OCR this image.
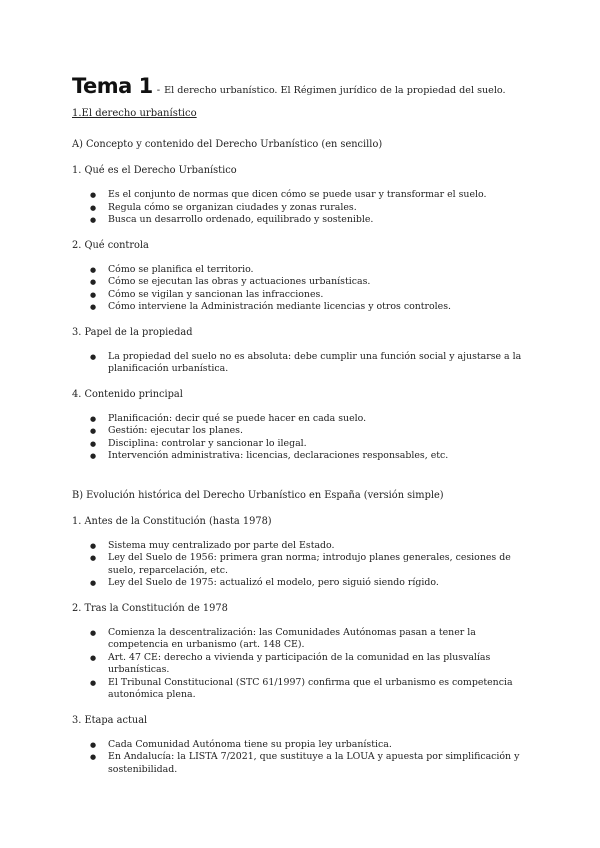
Tema 1 - El derecho urbanístico. El Régimen jurídico de la propiedad del suelo.
1.El derecho urbanístico

A) Concepto y contenido del Derecho Urbanístico (en sencillo)

1. Qué es el Derecho Urbanístico

● Es el conjunto de normas que dicen cómo se puede usar y transformar el suelo.
● Regula cómo se organizan ciudades y zonas rurales.
● Busca un desarrollo ordenado, equilibrado y sostenible.

2. Qué controla

● Cómo se planifica el territorio.
● Cómo se ejecutan las obras y actuaciones urbanísticas.
● Cómo se vigilan y sancionan las infracciones.
● Cómo interviene la Administración mediante licencias y otros controles.

3. Papel de la propiedad

● La propiedad del suelo no es absoluta: debe cumplir una función social y ajustarse a la planificación urbanística.

4. Contenido principal

● Planificación: decir qué se puede hacer en cada suelo.
● Gestión: ejecutar los planes.
● Disciplina: controlar y sancionar lo ilegal.
● Intervención administrativa: licencias, declaraciones responsables, etc.

B) Evolución histórica del Derecho Urbanístico en España (versión simple)

1. Antes de la Constitución (hasta 1978)

● Sistema muy centralizado por parte del Estado.
● Ley del Suelo de 1956: primera gran norma; introdujo planes generales, cesiones de suelo, reparcelación, etc.
● Ley del Suelo de 1975: actualizó el modelo, pero siguió siendo rígido.

2. Tras la Constitución de 1978

● Comienza la descentralización: las Comunidades Autónomas pasan a tener la competencia en urbanismo (art. 148 CE).
● Art. 47 CE: derecho a vivienda y participación de la comunidad en las plusvalías urbanísticas.
● El Tribunal Constitucional (STC 61/1997) confirma que el urbanismo es competencia autonómica plena.

3. Etapa actual

● Cada Comunidad Autónoma tiene su propia ley urbanística.
● En Andalucía: la LISTA 7/2021, que sustituye a la LOUA y apuesta por simplificación y sostenibilidad.
